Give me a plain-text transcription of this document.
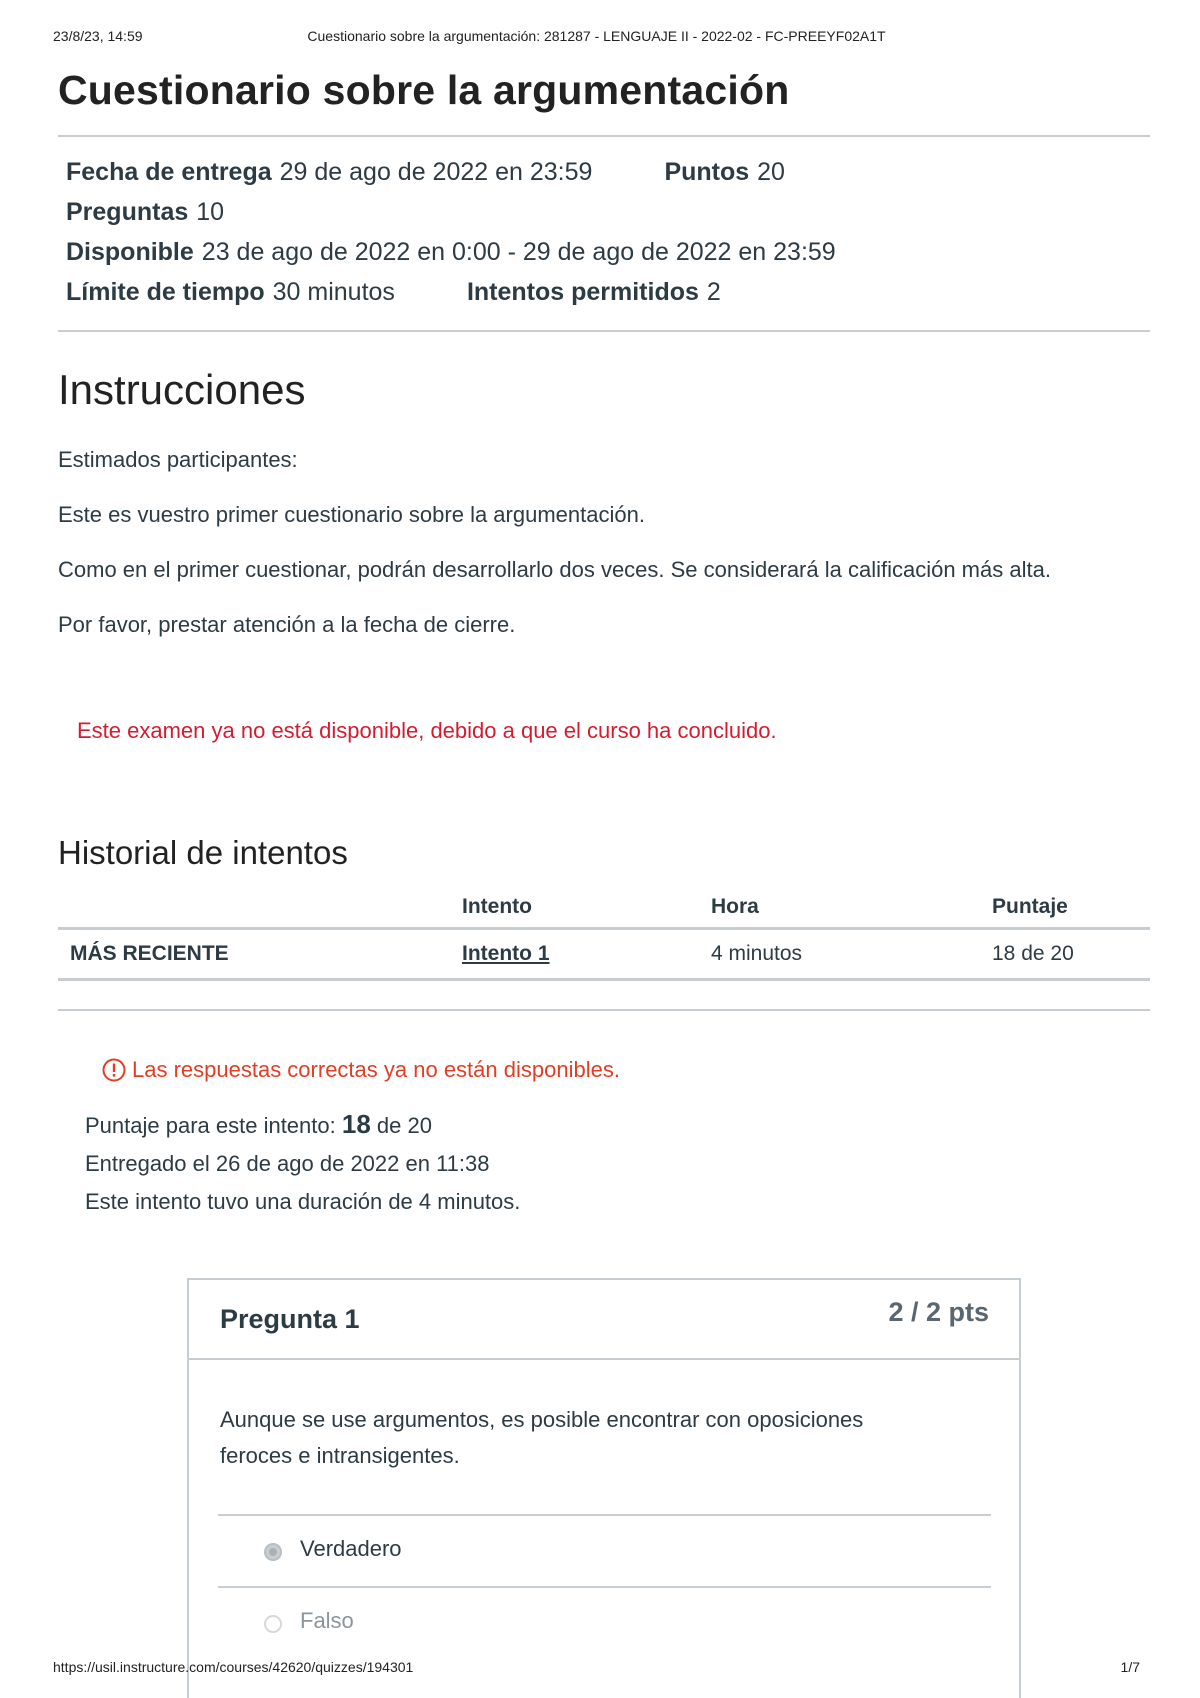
23/8/23, 14:59	Cuestionario sobre la argumentación: 281287 - LENGUAJE II - 2022-02 - FC-PREEYF02A1T
Cuestionario sobre la argumentación
Fecha de entrega 29 de ago de 2022 en 23:59	Puntos 20
Preguntas 10
Disponible 23 de ago de 2022 en 0:00 - 29 de ago de 2022 en 23:59
Límite de tiempo 30 minutos	Intentos permitidos 2
Instrucciones

Estimados participantes:

Este es vuestro primer cuestionario sobre la argumentación.

Como en el primer cuestionar, podrán desarrollarlo dos veces. Se considerará la calificación más alta.

Por favor, prestar atención a la fecha de cierre.

Este examen ya no está disponible, debido a que el curso ha concluido.
Historial de intentos
	Intento	Hora	Puntaje
MÁS RECIENTE	Intento 1	4 minutos	18 de 20
Las respuestas correctas ya no están disponibles.
Puntaje para este intento: 18 de 20
Entregado el 26 de ago de 2022 en 11:38
Este intento tuvo una duración de 4 minutos.
Pregunta 1	2 / 2 pts
Aunque se use argumentos, es posible encontrar con oposiciones feroces e intransigentes.
Verdadero
Falso
https://usil.instructure.com/courses/42620/quizzes/194301	1/7
